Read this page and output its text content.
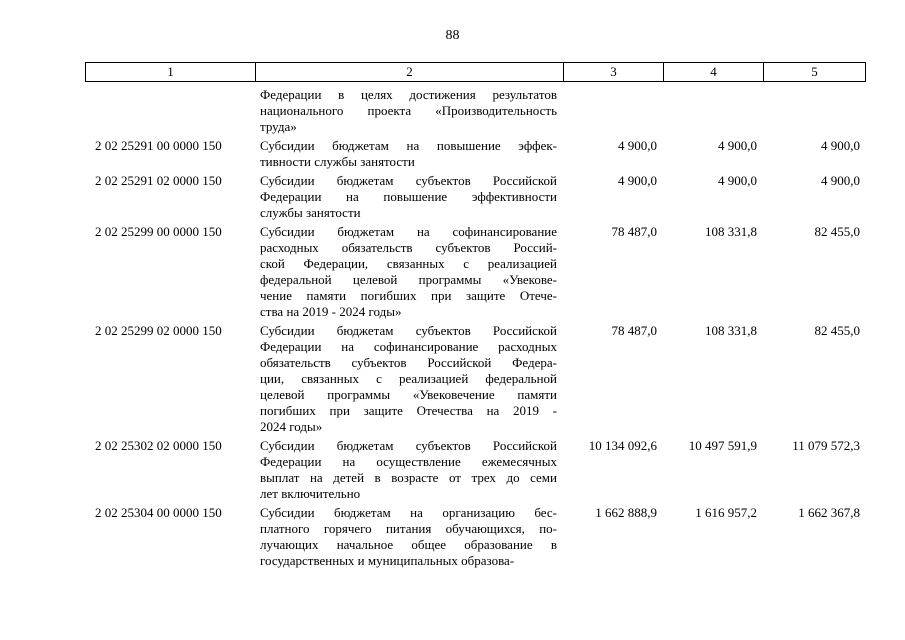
88
1	2	3	4	5
Федерации в целях достижения результатов
национального проекта «Производительность
труда»
2 02 25291 00 0000 150	Субсидии бюджетам на повышение эффек-
тивности службы занятости
4 900,0	4 900,0	4 900,0
2 02 25291 02 0000 150	Субсидии бюджетам субъектов Российской
Федерации на повышение эффективности
службы занятости
4 900,0	4 900,0	4 900,0
2 02 25299 00 0000 150	Субсидии бюджетам на софинансирование
расходных обязательств субъектов Россий-
ской Федерации, связанных с реализацией
федеральной целевой программы «Увекове-
чение памяти погибших при защите Отече-
ства на 2019 - 2024 годы»
78 487,0	108 331,8	82 455,0
2 02 25299 02 0000 150	Субсидии бюджетам субъектов Российской
Федерации на софинансирование расходных
обязательств субъектов Российской Федера-
ции, связанных с реализацией федеральной
целевой программы «Увековечение памяти
погибших при защите Отечества на 2019 -
2024 годы»
78 487,0	108 331,8	82 455,0
2 02 25302 02 0000 150	Субсидии бюджетам субъектов Российской
Федерации на осуществление ежемесячных
выплат на детей в возрасте от трех до семи
лет включительно
10 134 092,6	10 497 591,9	11 079 572,3
2 02 25304 00 0000 150	Субсидии бюджетам на организацию бес-
платного горячего питания обучающихся, по-
лучающих начальное общее образование в
государственных и муниципальных образова-
1 662 888,9	1 616 957,2	1 662 367,8
